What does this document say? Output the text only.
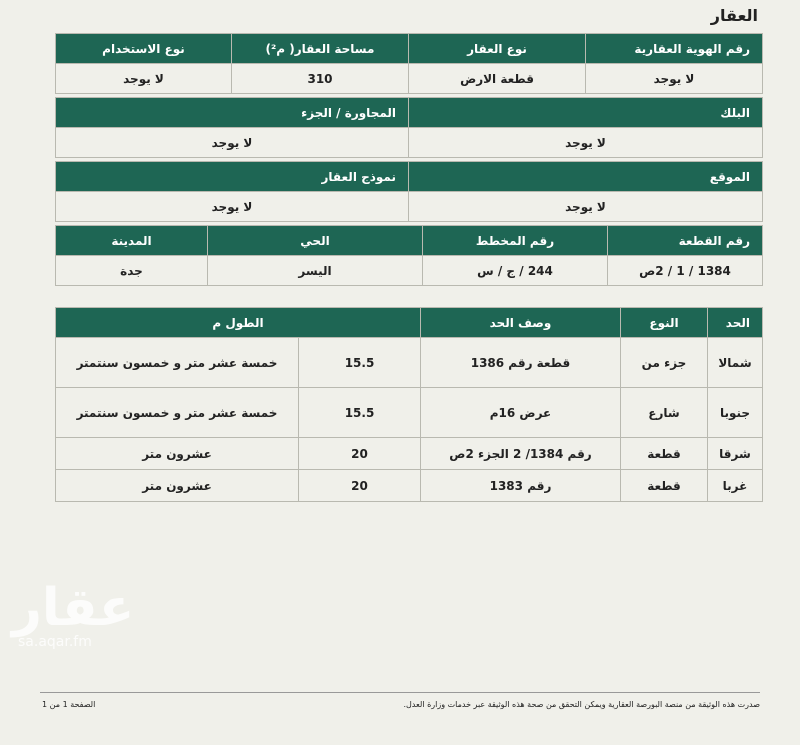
العقار
رقم الهوية العقارية	نوع العقار	مساحة العقار( م²)	نوع الاستخدام
لا يوجد	قطعة الارض	310	لا يوجد
البلك	المجاورة / الجزء
لا يوجد	لا يوجد
الموقع	نموذج العقار
لا يوجد	لا يوجد
رقم القطعة	رقم المخطط	الحي	المدينة
1384 / 1 / 2ص	244 / ج / س	اليسر	جدة
الحد	النوع	وصف الحد	الطول م	
شمالا	جزء من	قطعة رقم 1386	15.5	خمسة عشر متر و خمسون سنتمتر
جنوبا	شارع	عرض 16م	15.5	خمسة عشر متر و خمسون سنتمتر
شرقا	قطعة	رقم 1384/ 2 الجزء 2ص	20	عشرون متر
غربا	قطعة	رقم 1383	20	عشرون متر
عقار
sa.aqar.fm
صدرت هذه الوثيقة من منصة البورصة العقارية ويمكن التحقق من صحة هذه الوثيقة عبر خدمات وزارة العدل.
الصفحة 1 من 1
